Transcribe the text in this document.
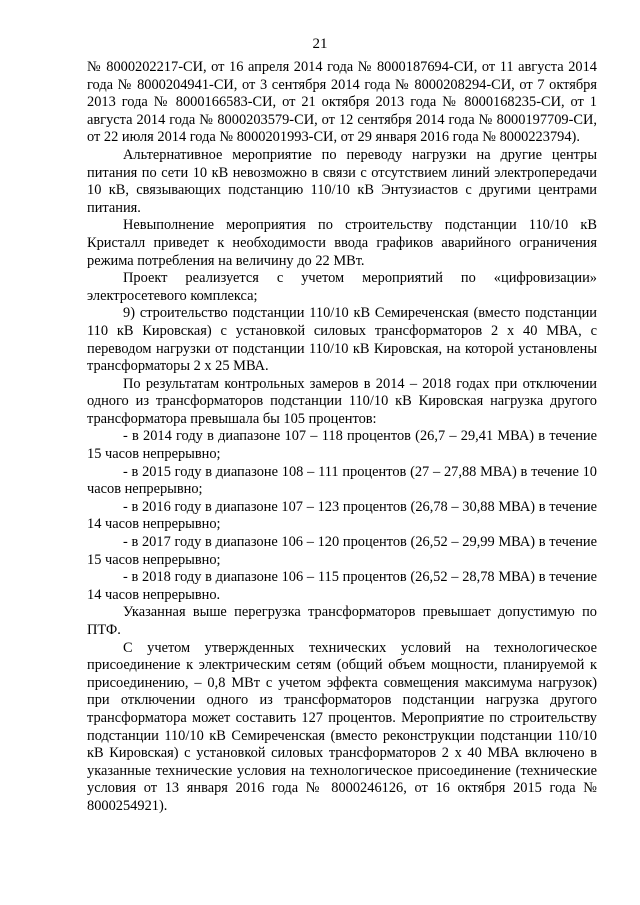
21

№ 8000202217-СИ, от 16 апреля 2014 года № 8000187694-СИ, от 11 августа 2014 года № 8000204941-СИ, от 3 сентября 2014 года № 8000208294-СИ, от 7 октября 2013 года № 8000166583-СИ, от 21 октября 2013 года № 8000168235-СИ, от 1 августа 2014 года № 8000203579-СИ, от 12 сентября 2014 года № 8000197709-СИ, от 22 июля 2014 года № 8000201993-СИ, от 29 января 2016 года № 8000223794).

Альтернативное мероприятие по переводу нагрузки на другие центры питания по сети 10 кВ невозможно в связи с отсутствием линий электропередачи 10 кВ, связывающих подстанцию 110/10 кВ Энтузиастов с другими центрами питания.

Невыполнение мероприятия по строительству подстанции 110/10 кВ Кристалл приведет к необходимости ввода графиков аварийного ограничения режима потребления на величину до 22 МВт.

Проект реализуется с учетом мероприятий по «цифровизации» электросетевого комплекса;

9) строительство подстанции 110/10 кВ Семиреченская (вместо подстанции 110 кВ Кировская) с установкой силовых трансформаторов 2 х 40 МВА, с переводом нагрузки от подстанции 110/10 кВ Кировская, на которой установлены трансформаторы 2 х 25 МВА.

По результатам контрольных замеров в 2014 – 2018 годах при отключении одного из трансформаторов подстанции 110/10 кВ Кировская нагрузка другого трансформатора превышала бы 105 процентов:

- в 2014 году в диапазоне 107 – 118 процентов (26,7 – 29,41 МВА) в течение 15 часов непрерывно;

- в 2015 году в диапазоне 108 – 111 процентов (27 – 27,88 МВА) в течение 10 часов непрерывно;

- в 2016 году в диапазоне 107 – 123 процентов (26,78 – 30,88 МВА) в течение 14 часов непрерывно;

- в 2017 году в диапазоне 106 – 120 процентов (26,52 – 29,99 МВА) в течение 15 часов непрерывно;

- в 2018 году в диапазоне 106 – 115 процентов (26,52 – 28,78 МВА) в течение 14 часов непрерывно.

Указанная выше перегрузка трансформаторов превышает допустимую по ПТФ.

С учетом утвержденных технических условий на технологическое присоединение к электрическим сетям (общий объем мощности, планируемой к присоединению, – 0,8 МВт с учетом эффекта совмещения максимума нагрузок) при отключении одного из трансформаторов подстанции нагрузка другого трансформатора может составить 127 процентов. Мероприятие по строительству подстанции 110/10 кВ Семиреченская (вместо реконструкции подстанции 110/10 кВ Кировская) с установкой силовых трансформаторов 2 х 40 МВА включено в указанные технические условия на технологическое присоединение (технические условия от 13 января 2016 года № 8000246126, от 16 октября 2015 года № 8000254921).
